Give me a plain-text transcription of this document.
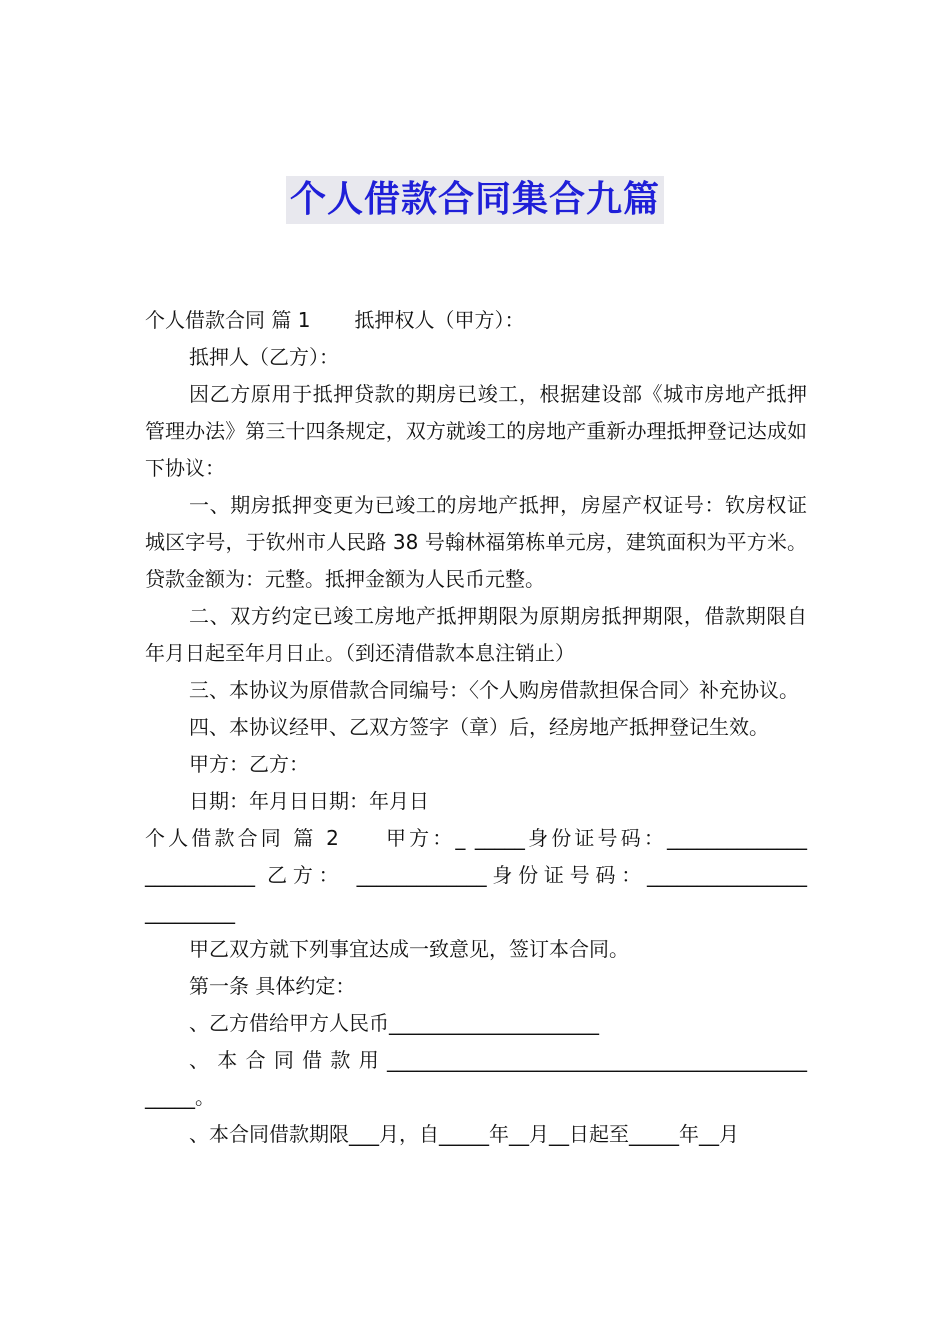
个人借款合同集合九篇

个人借款合同 篇 1 抵押权人（甲方）：

抵押人（乙方）：

因乙方原用于抵押贷款的期房已竣工，根据建设部《城市房地产抵押管理办法》第三十四条规定，双方就竣工的房地产重新办理抵押登记达成如下协议：

一、期房抵押变更为已竣工的房地产抵押，房屋产权证号：钦房权证城区字号，于钦州市人民路 38 号翰林福第栋单元房，建筑面积为平方米。贷款金额为：元整。抵押金额为人民币元整。

二、双方约定已竣工房地产抵押期限为原期房抵押期限，借款期限自年月日起至年月日止。（到还清借款本息注销止）

三、本协议为原借款合同编号：〈个人购房借款担保合同〉补充协议。

四、本协议经甲、乙双方签字（章）后，经房地产抵押登记生效。

甲方：乙方：

日期：年月日日期：年月日

个人借款合同 篇 2 甲方：_ _____身份证号码：______________ ___________ 乙方： _____________身份证号码：________________ _________

甲乙双方就下列事宜达成一致意见，签订本合同。

第一条 具体约定：

、乙方借给甲方人民币_____________________

、本合同借款用__________________________________________ _____。

、本合同借款期限___月，自_____年__月__日起至_____年__月
